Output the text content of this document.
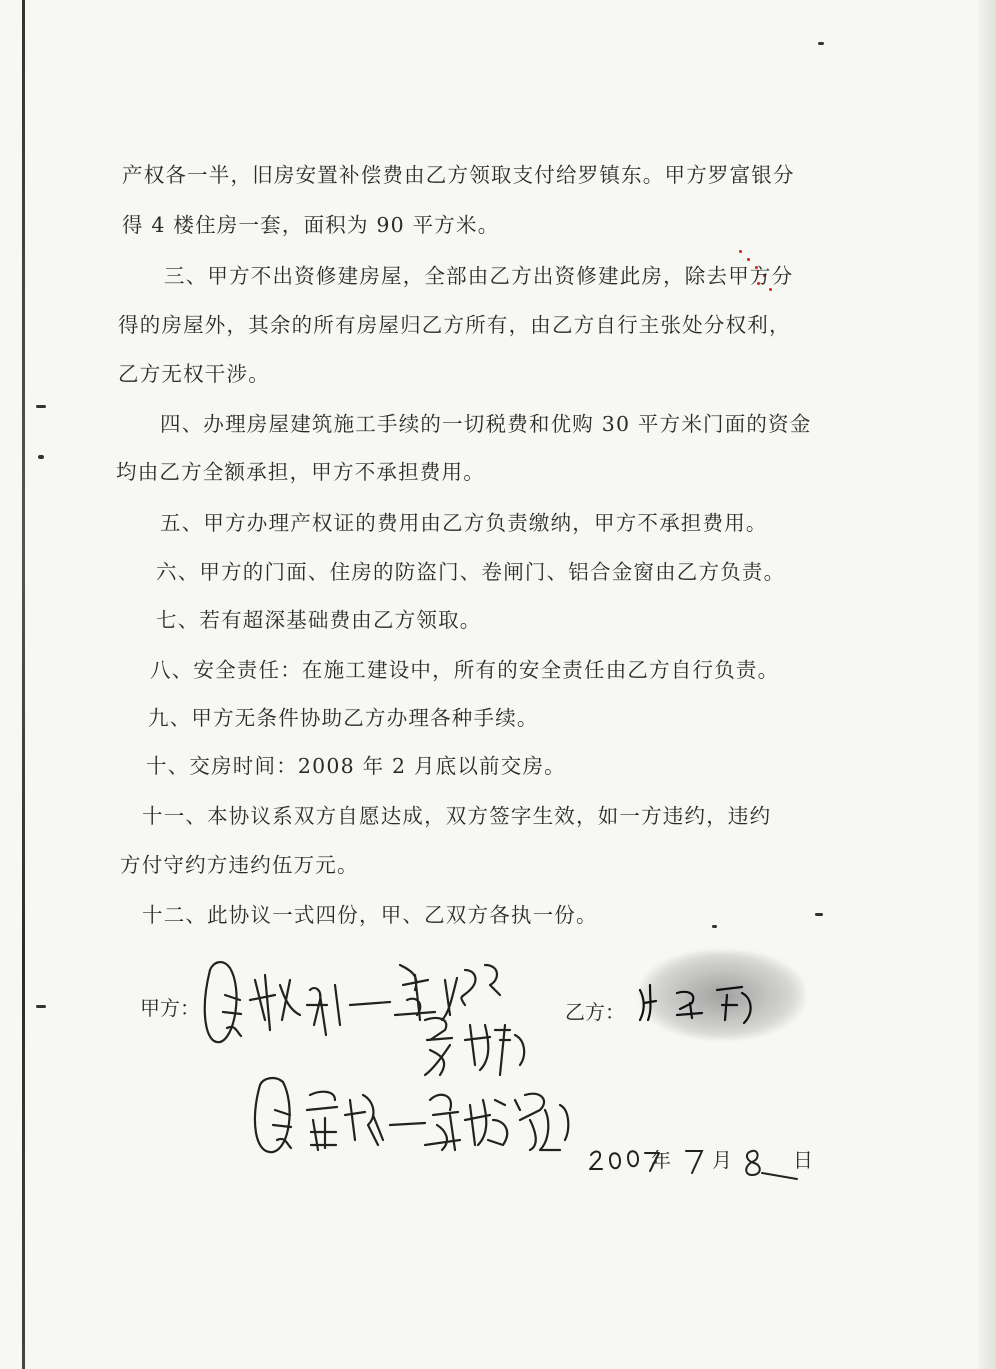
产权各一半，旧房安置补偿费由乙方领取支付给罗镇东。甲方罗富银分
得 4 楼住房一套，面积为 90 平方米。
三、甲方不出资修建房屋，全部由乙方出资修建此房，除去甲方分
得的房屋外，其余的所有房屋归乙方所有，由乙方自行主张处分权利，
乙方无权干涉。
四、办理房屋建筑施工手续的一切税费和优购 30 平方米门面的资金
均由乙方全额承担，甲方不承担费用。
五、甲方办理产权证的费用由乙方负责缴纳，甲方不承担费用。
六、甲方的门面、住房的防盗门、卷闸门、铝合金窗由乙方负责。
七、若有超深基础费由乙方领取。
八、安全责任：在施工建设中，所有的安全责任由乙方自行负责。
九、甲方无条件协助乙方办理各种手续。
十、交房时间：2008 年 2 月底以前交房。
十一、本协议系双方自愿达成，双方签字生效，如一方违约，违约
方付守约方违约伍万元。
十二、此协议一式四份，甲、乙双方各执一份。
甲方：	乙方：
年 月	日
